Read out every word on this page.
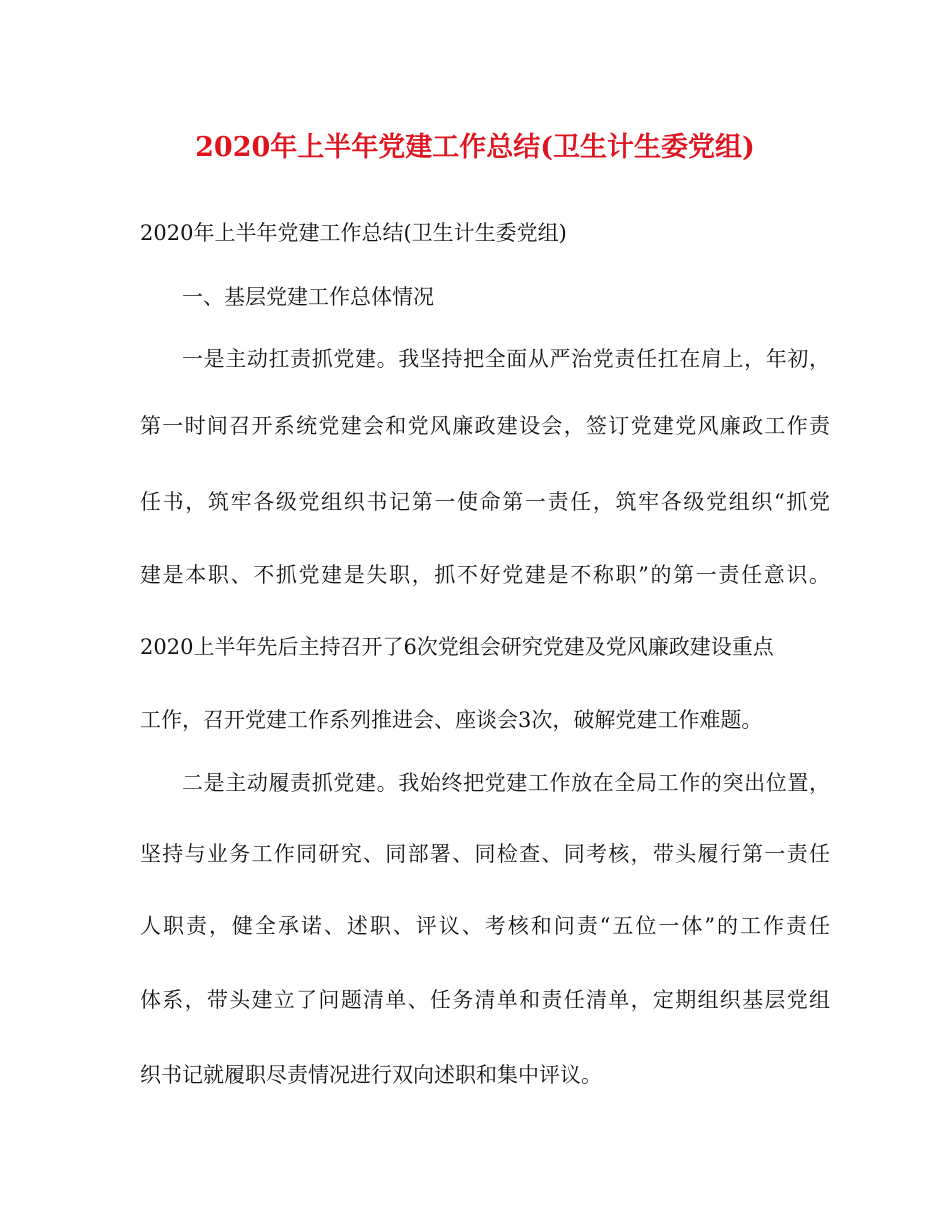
2020年上半年党建工作总结(卫生计生委党组)
2020年上半年党建工作总结(卫生计生委党组)
一、基层党建工作总体情况
一是主动扛责抓党建。我坚持把全面从严治党责任扛在肩上，年初，
第一时间召开系统党建会和党风廉政建设会，签订党建党风廉政工作责
任书，筑牢各级党组织书记第一使命第一责任，筑牢各级党组织“抓党
建是本职、不抓党建是失职，抓不好党建是不称职”的第一责任意识。
2020上半年先后主持召开了6次党组会研究党建及党风廉政建设重点
工作，召开党建工作系列推进会、座谈会3次，破解党建工作难题。
二是主动履责抓党建。我始终把党建工作放在全局工作的突出位置，
坚持与业务工作同研究、同部署、同检查、同考核，带头履行第一责任
人职责，健全承诺、述职、评议、考核和问责“五位一体”的工作责任
体系，带头建立了问题清单、任务清单和责任清单，定期组织基层党组
织书记就履职尽责情况进行双向述职和集中评议。
